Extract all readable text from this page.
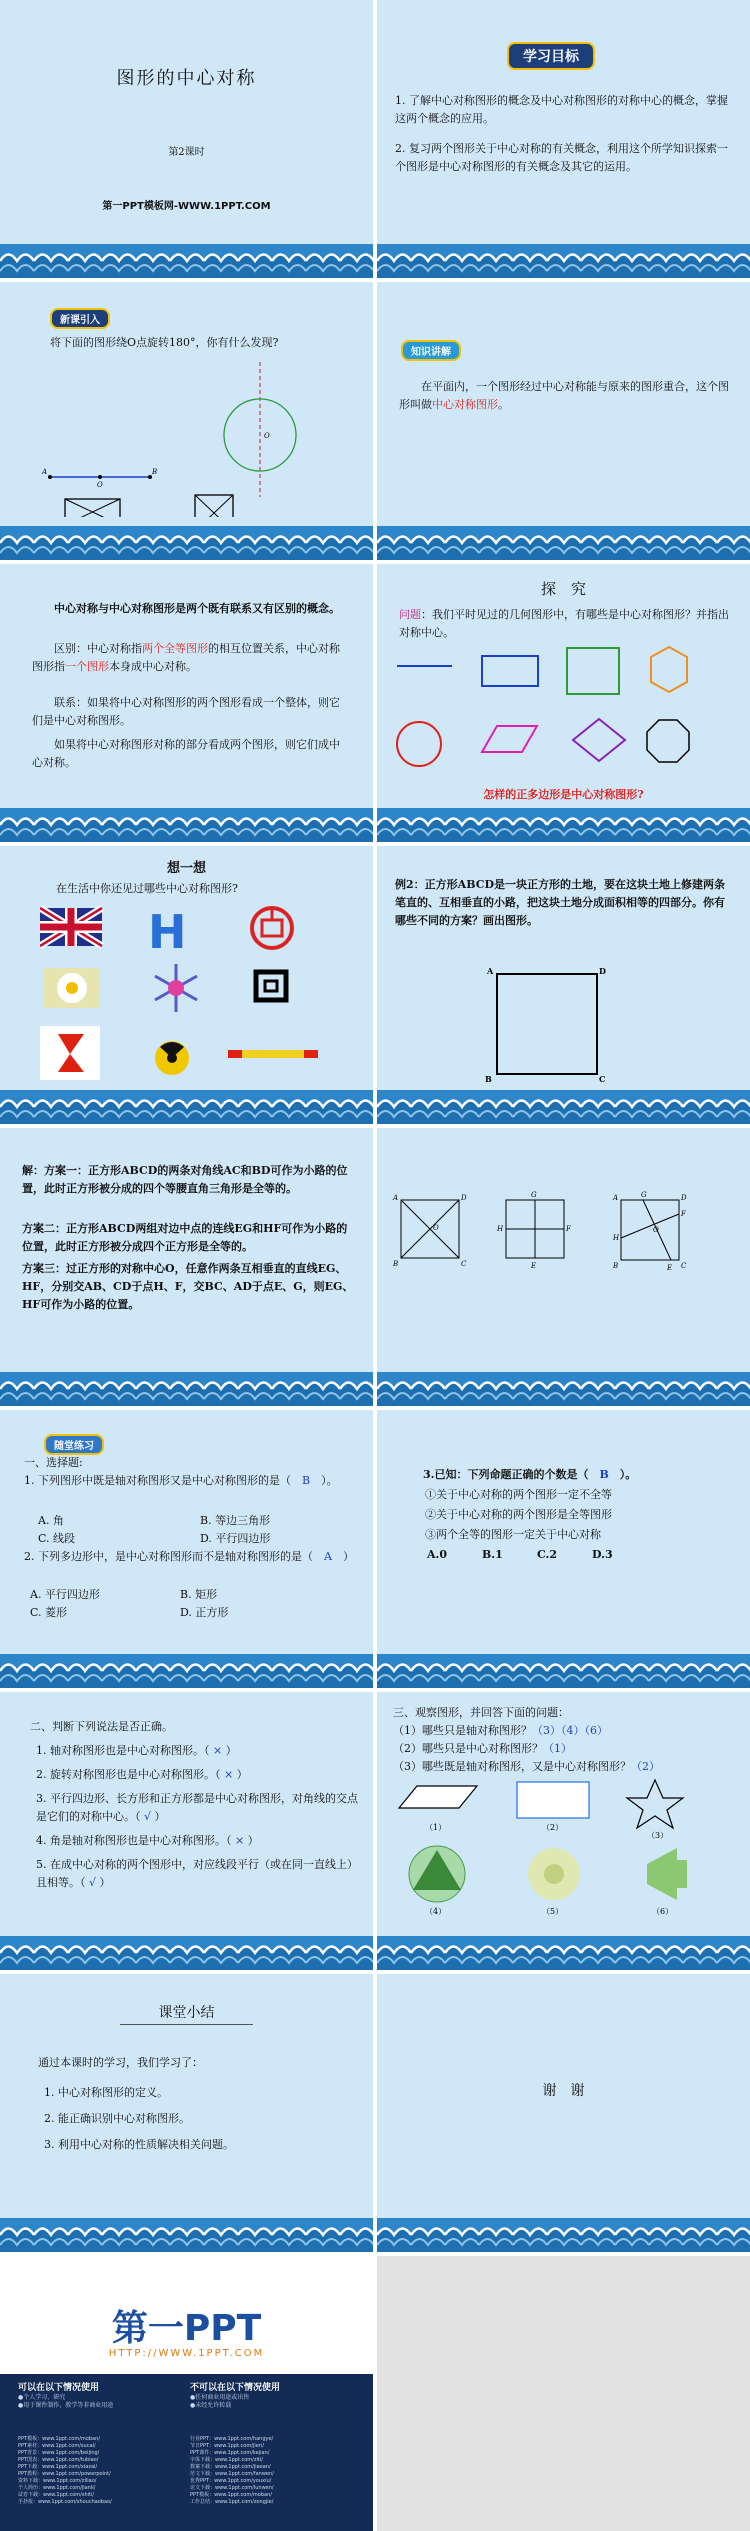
图形的中心对称
第2课时
第一PPT模板网-WWW.1PPT.COM
学习目标
1. 了解中心对称图形的概念及中心对称图形的对称中心的概念，掌握这两个概念的应用。
2. 复习两个图形关于中心对称的有关概念，利用这个所学知识探索一个图形是中心对称图形的有关概念及其它的运用。
新课引入
将下面的图形绕O点旋转180°，你有什么发现?
A
O
B
O
知识讲解
在平面内，一个图形经过中心对称能与原来的图形重合，这个图形叫做中心对称图形。
中心对称与中心对称图形是两个既有联系又有区别的概念。
区别：中心对称指两个全等图形的相互位置关系，中心对称图形指一个图形本身成中心对称。
联系：如果将中心对称图形的两个图形看成一个整体，则它们是中心对称图形。
如果将中心对称图形对称的部分看成两个图形，则它们成中心对称。
探　究
问题：我们平时见过的几何图形中，有哪些是中心对称图形？并指出对称中心。
怎样的正多边形是中心对称图形?
想一想
在生活中你还见过哪些中心对称图形?
H
例2：正方形ABCD是一块正方形的土地，要在这块土地上修建两条笔直的、互相垂直的小路，把这块土地分成面积相等的四部分。你有哪些不同的方案？画出图形。
A	D
B	C
解：方案一：正方形ABCD的两条对角线AC和BD可作为小路的位置，此时正方形被分成的四个等腰直角三角形是全等的。
方案二：正方形ABCD两组对边中点的连线EG和HF可作为小路的位置，此时正方形被分成四个正方形是全等的。
方案三：过正方形的对称中心O，任意作两条互相垂直的直线EG、HF，分别交AB、CD于点H、F，交BC、AD于点E、G，则EG、HF可作为小路的位置。
A	D
O
B	C
G
H	F
E
A	G	D
H
F
B	E C
O
随堂练习
一、选择题:
1. 下列图形中既是轴对称图形又是中心对称图形的是（　B　）。
A. 角	B. 等边三角形
C. 线段	D. 平行四边形
2. 下列多边形中，是中心对称图形而不是轴对称图形的是（　A　）
A. 平行四边形	B. 矩形
C. 菱形	D. 正方形
3.已知：下列命题正确的个数是（　B　）。
①关于中心对称的两个图形一定不全等
②关于中心对称的两个图形是全等图形
③两个全等的图形一定关于中心对称
A.0	B.1	C.2	D.3
二、判断下列说法是否正确。
1. 轴对称图形也是中心对称图形。（ × ）
2. 旋转对称图形也是中心对称图形。（ × ）
3. 平行四边形、长方形和正方形都是中心对称图形，对角线的交点是它们的对称中心。（ √ ）
4. 角是轴对称图形也是中心对称图形。（ × ）
5. 在成中心对称的两个图形中，对应线段平行（或在同一直线上）且相等。（ √ ）
三、观察图形，并回答下面的问题：
（1）哪些只是轴对称图形？（3）（4）（6）
（2）哪些只是中心对称图形？（1）
（3）哪些既是轴对称图形，又是中心对称图形？（2）
（1）	（2）
（3）
（4）	（5）	（6）
课堂小结
通过本课时的学习，我们学习了：
1. 中心对称图形的定义。
2. 能正确识别中心对称图形。
3. 利用中心对称的性质解决相关问题。
谢　谢
第一PPT
HTTP://WWW.1PPT.COM
可以在以下情况使用
●个人学习、研究
●用于课件制作、教学等非商业用途
不可以在以下情况使用
●任何商业用途或出售
●未经允许转载
PPT模板：www.1ppt.com/moban/
PPT素材：www.1ppt.com/sucai/
PPT背景：www.1ppt.com/beijing/
PPT图表：www.1ppt.com/tubiao/
PPT下载：www.1ppt.com/xiazai/
PPT教程：www.1ppt.com/powerpoint/
资料下载：www.1ppt.com/ziliao/
个人简历：www.1ppt.com/jianli/
试卷下载：www.1ppt.com/shiti/
手抄报：www.1ppt.com/shouchaobao/
行业PPT：www.1ppt.com/hangye/
节日PPT：www.1ppt.com/jieri/
PPT课件：www.1ppt.com/kejian/
字体下载：www.1ppt.com/ziti/
教案下载：www.1ppt.com/jiaoan/
范文下载：www.1ppt.com/fanwen/
优秀PPT：www.1ppt.com/youxiu/
论文下载：www.1ppt.com/lunwen/
PPT模板：www.1ppt.com/moban/
工作总结：www.1ppt.com/zongjie/
